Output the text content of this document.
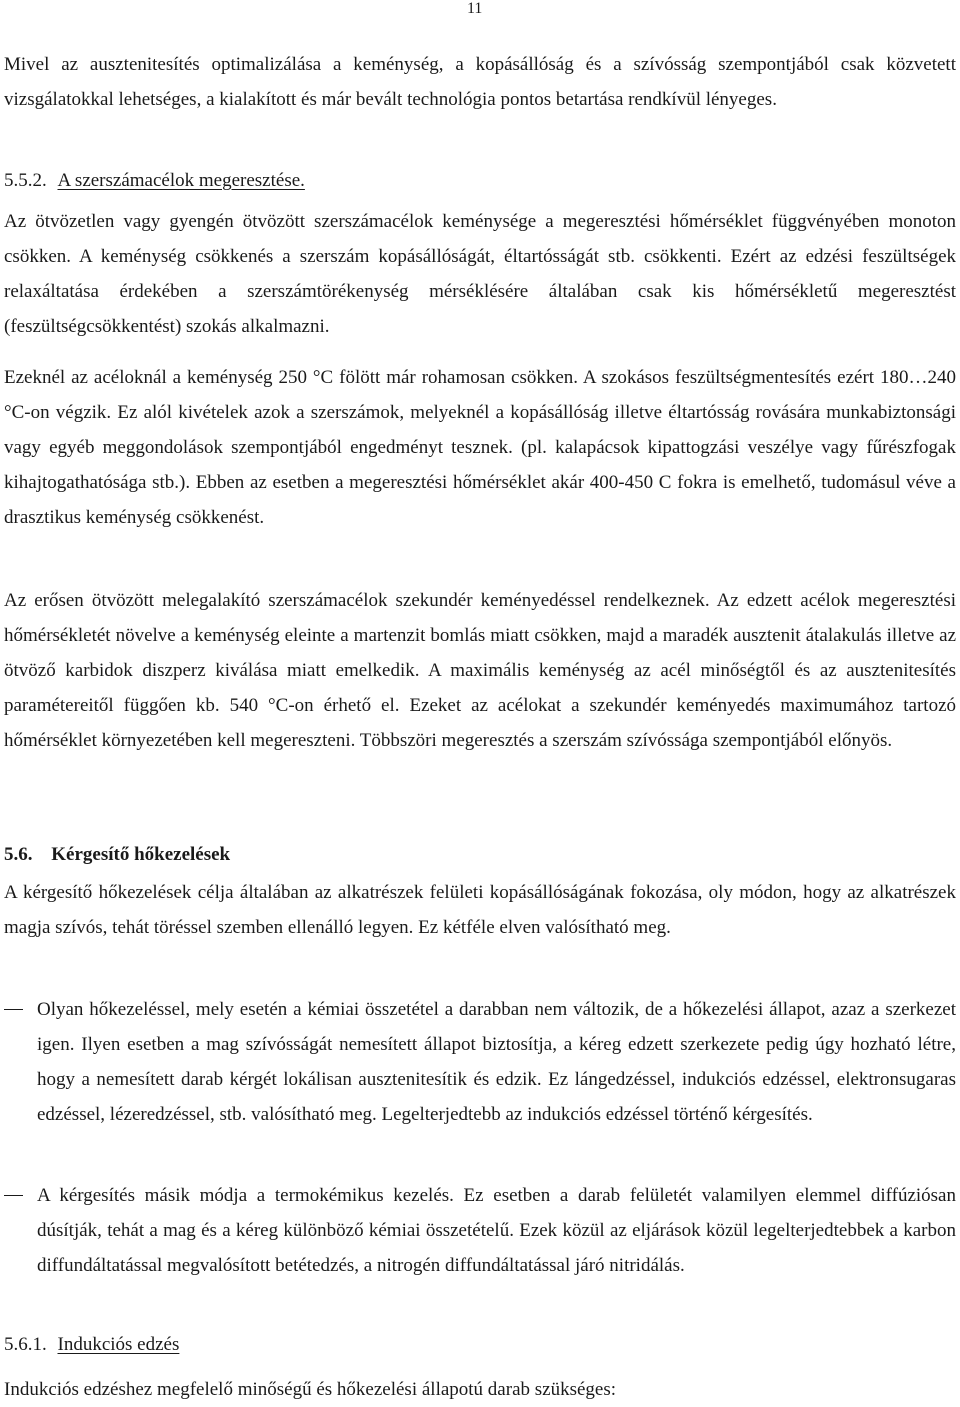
11

Mivel az ausztenitesítés optimalizálása a keménység, a kopásállóság és a szívósság szempontjából csak közvetett vizsgálatokkal lehetséges, a kialakított és már bevált technológia pontos betartása rendkívül lényeges.

5.5.2. A szerszámacélok megeresztése.

Az ötvözetlen vagy gyengén ötvözött szerszámacélok keménysége a megeresztési hőmérséklet függvényében monoton csökken. A keménység csökkenés a szerszám kopásállóságát, éltartósságát stb. csökkenti. Ezért az edzési feszültségek relaxáltatása érdekében a szerszámtörékenység mérséklésére általában csak kis hőmérsékletű megeresztést (feszültségcsökkentést) szokás alkalmazni.

Ezeknél az acéloknál a keménység 250 °C fölött már rohamosan csökken. A szokásos feszültségmentesítés ezért 180…240 °C-on végzik. Ez alól kivételek azok a szerszámok, melyeknél a kopásállóság illetve éltartósság rovására munkabiztonsági vagy egyéb meggondolások szempontjából engedményt tesznek. (pl. kalapácsok kipattogzási veszélye vagy fűrészfogak kihajtogathatósága stb.). Ebben az esetben a megeresztési hőmérséklet akár 400-450 C fokra is emelhető, tudomásul véve a drasztikus keménység csökkenést.

Az erősen ötvözött melegalakító szerszámacélok szekundér keményedéssel rendelkeznek. Az edzett acélok megeresztési hőmérsékletét növelve a keménység eleinte a martenzit bomlás miatt csökken, majd a maradék ausztenit átalakulás illetve az ötvöző karbidok diszperz kiválása miatt emelkedik. A maximális keménység az acél minőségtől és az ausztenitesítés paramétereitől függően kb. 540 °C-on érhető el. Ezeket az acélokat a szekundér keményedés maximumához tartozó hőmérséklet környezetében kell megereszteni. Többszöri megeresztés a szerszám szívóssága szempontjából előnyös.

5.6. Kérgesítő hőkezelések

A kérgesítő hőkezelések célja általában az alkatrészek felületi kopásállóságának fokozása, oly módon, hogy az alkatrészek magja szívós, tehát töréssel szemben ellenálló legyen. Ez kétféle elven valósítható meg.

Olyan hőkezeléssel, mely esetén a kémiai összetétel a darabban nem változik, de a hőkezelési állapot, azaz a szerkezet igen. Ilyen esetben a mag szívósságát nemesített állapot biztosítja, a kéreg edzett szerkezete pedig úgy hozható létre, hogy a nemesített darab kérgét lokálisan ausztenitesítik és edzik. Ez lángedzéssel, indukciós edzéssel, elektronsugaras edzéssel, lézeredzéssel, stb. valósítható meg. Legelterjedtebb az indukciós edzéssel történő kérgesítés.
A kérgesítés másik módja a termokémikus kezelés. Ez esetben a darab felületét valamilyen elemmel diffúziósan dúsítják, tehát a mag és a kéreg különböző kémiai összetételű. Ezek közül az eljárások közül legelterjedtebbek a karbon diffundáltatással megvalósított betétedzés, a nitrogén diffundáltatással járó nitridálás.
5.6.1. Indukciós edzés

Indukciós edzéshez megfelelő minőségű és hőkezelési állapotú darab szükséges:
